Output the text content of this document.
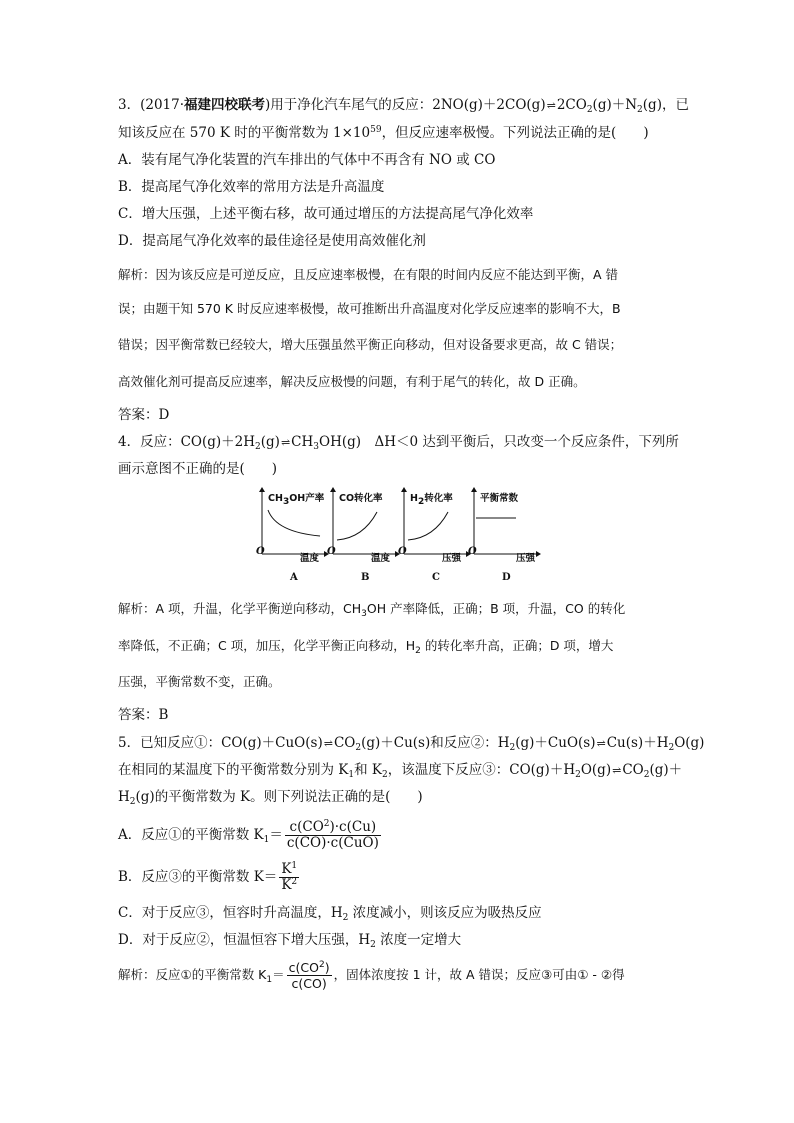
3．(2017·福建四校联考)用于净化汽车尾气的反应：$2NO(g)+2CO(g)\rightleftharpoons 2CO_2(g)+N_2(g)$，已
知该反应在 570 K 时的平衡常数为 $1\times 10^{59}$，但反应速率极慢。下列说法正确的是(　　)
A．装有尾气净化装置的汽车排出的气体中不再含有 NO 或 CO
B．提高尾气净化效率的常用方法是升高温度
C．增大压强，上述平衡右移，故可通过增压的方法提高尾气净化效率
D．提高尾气净化效率的最佳途径是使用高效催化剂
解析：因为该反应是可逆反应，且反应速率极慢，在有限的时间内反应不能达到平衡，A 错
误；由题干知 570 K 时反应速率极慢，故可推断出升高温度对化学反应速率的影响不大，B
错误；因平衡常数已经较大，增大压强虽然平衡正向移动，但对设备要求更高，故 C 错误；
高效催化剂可提高反应速率，解决反应极慢的问题，有利于尾气的转化，故 D 正确。
答案：D
4．反应：$CO(g)+2H_2(g)\rightleftharpoons CH_3OH(g)$　ΔH＜0 达到平衡后，只改变一个反应条件，下列所
画示意图不正确的是(　　)
$CH_3OH$产率
O
温度
A
CO转化率
O
温度
B
$H_2$转化率
O
压强
C
平衡常数
O
压强
D
解析：A 项，升温，化学平衡逆向移动，$CH_3OH$ 产率降低，正确；B 项，升温，CO 的转化
率降低，不正确；C 项，加压，化学平衡正向移动，$H_2$ 的转化率升高，正确；D 项，增大
压强，平衡常数不变，正确。
答案：B
5．已知反应①：$CO(g)+CuO(s)\rightleftharpoons CO_2(g)+Cu(s)$和反应②：$H_2(g)+CuO(s)\rightleftharpoons Cu(s)+H_2O(g)$
在相同的某温度下的平衡常数分别为 $K_1$和 $K_2$，该温度下反应③：$CO(g)+H_2O(g)\rightleftharpoons CO_2(g)+$
$H_2(g)$的平衡常数为 K。则下列说法正确的是(　　)
A．反应①的平衡常数 $K_1= \frac{c(CO^2)\cdot c(Cu)}{\text{c(CO)·c(CuO)}}$
B．反应③的平衡常数 $K= \frac{K^1}{K^2}$
C．对于反应③，恒容时升高温度，$H_2$ 浓度减小，则该反应为吸热反应
D．对于反应②，恒温恒容下增大压强，$H_2$ 浓度一定增大
解析：反应①的平衡常数 $K_1= \frac{c(CO^2)}{c(CO)}$ ，固体浓度按 1 计，故 A 错误；反应③可由① - ②得
